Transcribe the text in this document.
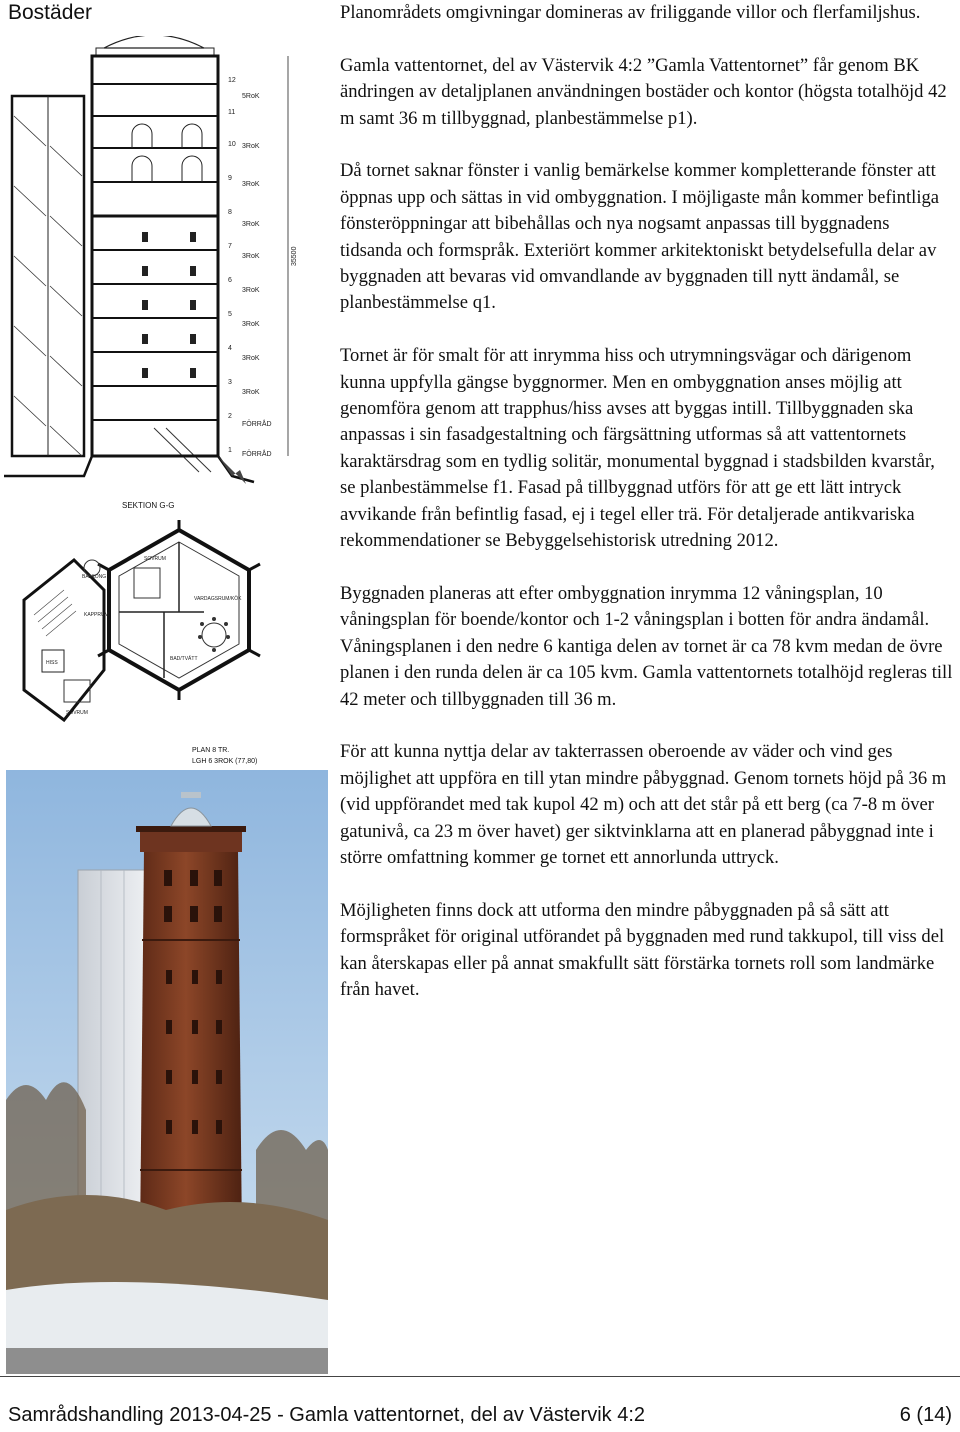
Bostäder	Planområdets omgivningar domineras av friliggande villor och flerfamiljshus.

Gamla vattentornet, del av Västervik 4:2 ”Gamla Vattentornet” får genom BK ändringen av detaljplanen användningen bostäder och kontor (högsta totalhöjd 42 m samt 36 m tillbyggnad, planbestämmelse p1).

Då tornet saknar fönster i vanlig bemärkelse kommer kompletterande fönster att öppnas upp och sättas in vid ombyggnation. I möjligaste mån kommer befintliga fönsteröppningar att bibehållas och nya nogsamt anpassas till byggnadens tidsanda och formspråk. Exteriört kommer arkitektoniskt betydelsefulla delar av byggnaden att bevaras vid omvandlande av byggnaden till nytt ändamål, se planbestämmelse q1.

Tornet är för smalt för att inrymma hiss och utrymningsvägar och därigenom kunna uppfylla gängse byggnormer. Men en ombyggnation anses möjlig att genomföra genom att trapphus/hiss avses att byggas intill. Tillbyggnaden ska anpassas i sin fasadgestaltning och färgsättning utformas så att vattentornets karaktärsdrag som en tydlig solitär, monumental byggnad i stadsbilden kvarstår, se planbestämmelse f1. Fasad på tillbyggnad utförs för att ge ett lätt intryck avvikande från befintlig fasad, ej i tegel eller trä. För detaljerade antikvariska rekommendationer se Bebyggelsehistorisk utredning 2012.

Byggnaden planeras att efter ombyggnation inrymma 12 våningsplan, 10 våningsplan för boende/kontor och 1-2 våningsplan i botten för andra ändamål. Våningsplanen i den nedre 6 kantiga delen av tornet är ca 78 kvm medan de övre planen i den runda delen är ca 105 kvm. Gamla vattentornets totalhöjd regleras till 42 meter och tillbyggnaden till 36 m.

För att kunna nyttja delar av takterrassen oberoende av väder och vind ges möjlighet att uppföra en till ytan mindre påbyggnad. Genom tornets höjd på 36 m (vid uppförandet med tak kupol 42 m) och att det står på ett berg (ca 7-8 m över gatunivå, ca 23 m över havet) ger siktvinklarna att en planerad påbyggnad inte i större omfattning kommer ge tornet ett annorlunda uttryck.

Möjligheten finns dock att utforma den mindre påbyggnaden på så sätt att formspråket för original utförandet på byggnaden med rund takkupol, till viss del kan återskapas eller på annat smakfullt sätt förstärka tornets roll som landmärke från havet.

12
11
10
9
8
7
6
5
4
3
2
1
5RoK
3RoK
3RoK
3RoK
3RoK
3RoK
3RoK
3RoK
3RoK
FÖRRÅD
FÖRRÅD
35500
SEKTION G-G
SOVRUM
VARDAGSRUM/KÖK
BAD/TVÄTT
KAPPRUM
BALKONG
HISS
SOVRUM
PLAN 8 TR.
LGH 6 3ROK (77,80)
Samrådshandling 2013-04-25 - Gamla vattentornet, del av Västervik 4:2	6 (14)
